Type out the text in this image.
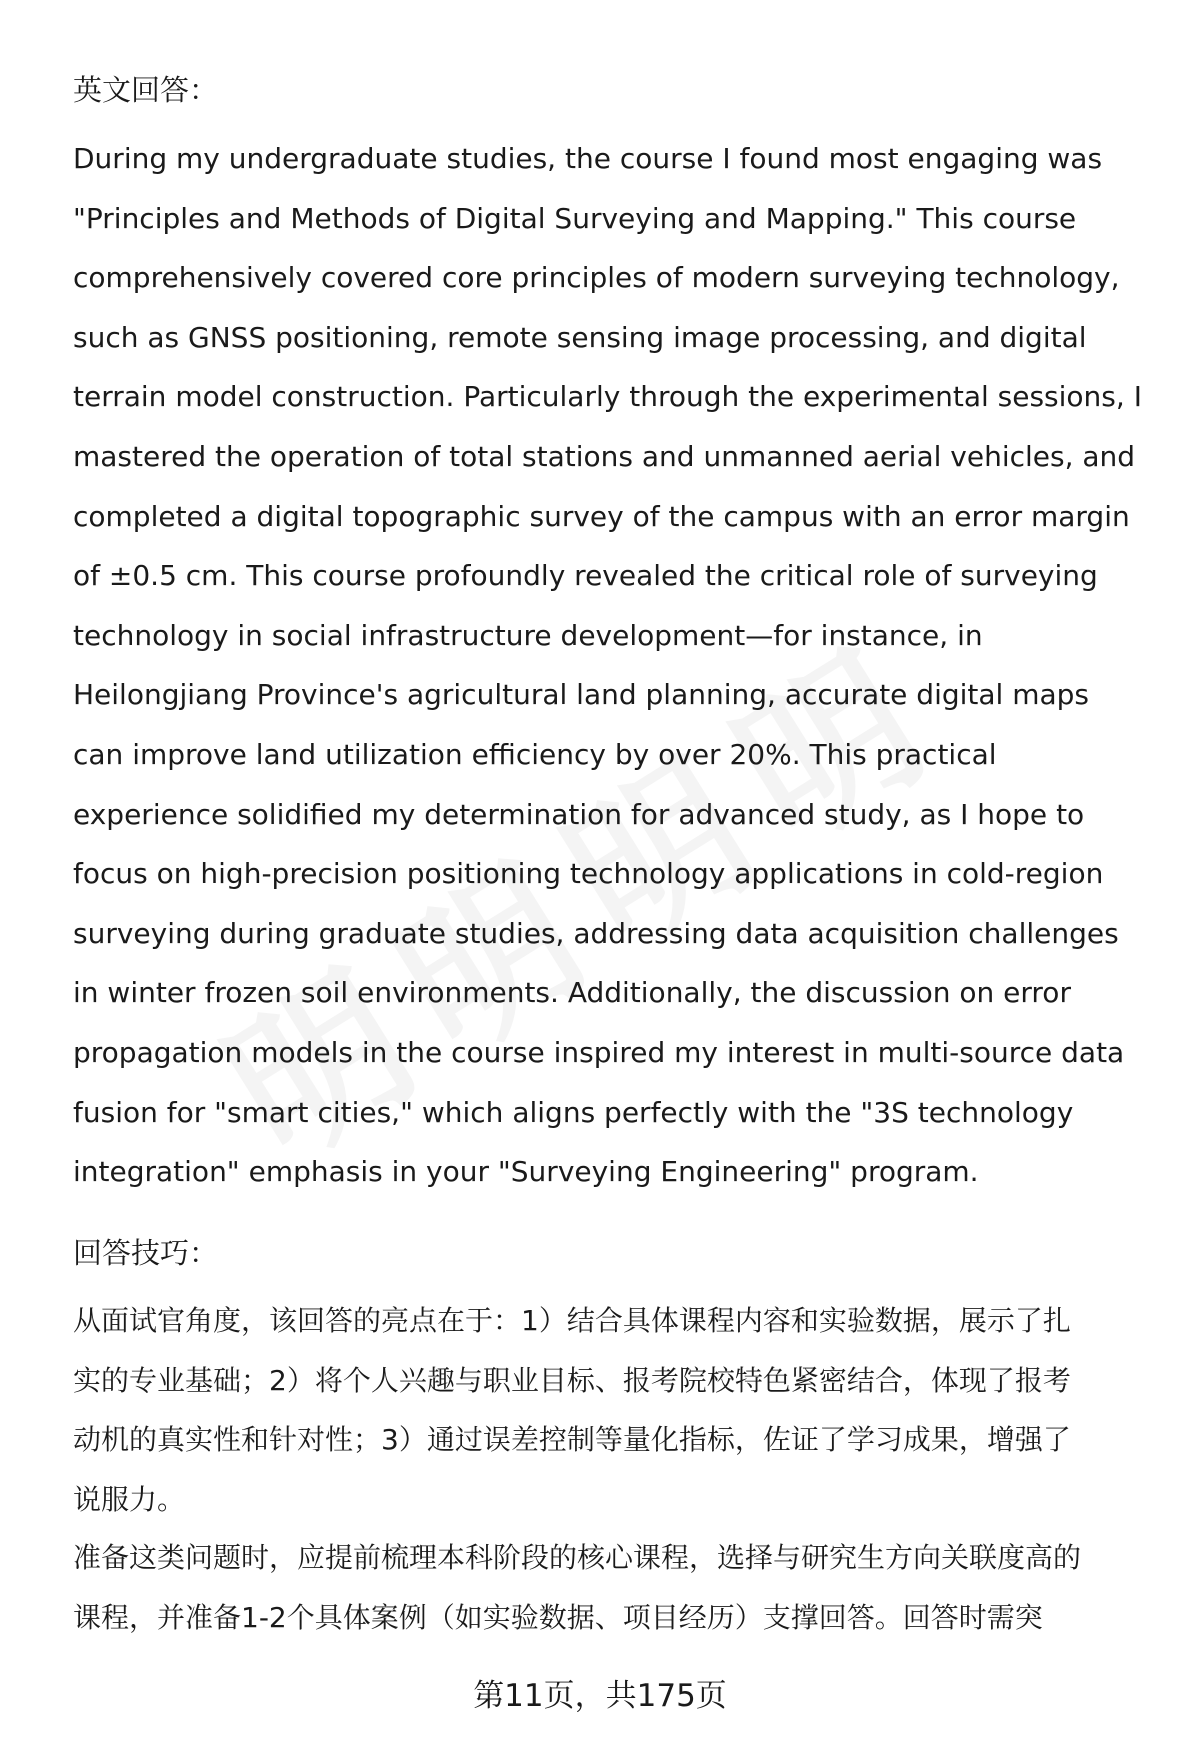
英文回答：
During my undergraduate studies, the course I found most engaging was
"Principles and Methods of Digital Surveying and Mapping." This course
comprehensively covered core principles of modern surveying technology,
such as GNSS positioning, remote sensing image processing, and digital
terrain model construction. Particularly through the experimental sessions, I
mastered the operation of total stations and unmanned aerial vehicles, and
completed a digital topographic survey of the campus with an error margin
of ±0.5 cm. This course profoundly revealed the critical role of surveying
technology in social infrastructure development—for instance, in
Heilongjiang Province's agricultural land planning, accurate digital maps
can improve land utilization efficiency by over 20%. This practical
experience solidified my determination for advanced study, as I hope to
focus on high-precision positioning technology applications in cold-region
surveying during graduate studies, addressing data acquisition challenges
in winter frozen soil environments. Additionally, the discussion on error
propagation models in the course inspired my interest in multi-source data
fusion for "smart cities," which aligns perfectly with the "3S technology
integration" emphasis in your "Surveying Engineering" program.
回答技巧：
从面试官角度，该回答的亮点在于：1）结合具体课程内容和实验数据，展示了扎
实的专业基础；2）将个人兴趣与职业目标、报考院校特色紧密结合，体现了报考
动机的真实性和针对性；3）通过误差控制等量化指标，佐证了学习成果，增强了
说服力。
准备这类问题时，应提前梳理本科阶段的核心课程，选择与研究生方向关联度高的
课程，并准备1-2个具体案例（如实验数据、项目经历）支撑回答。回答时需突
第11页，共175页
